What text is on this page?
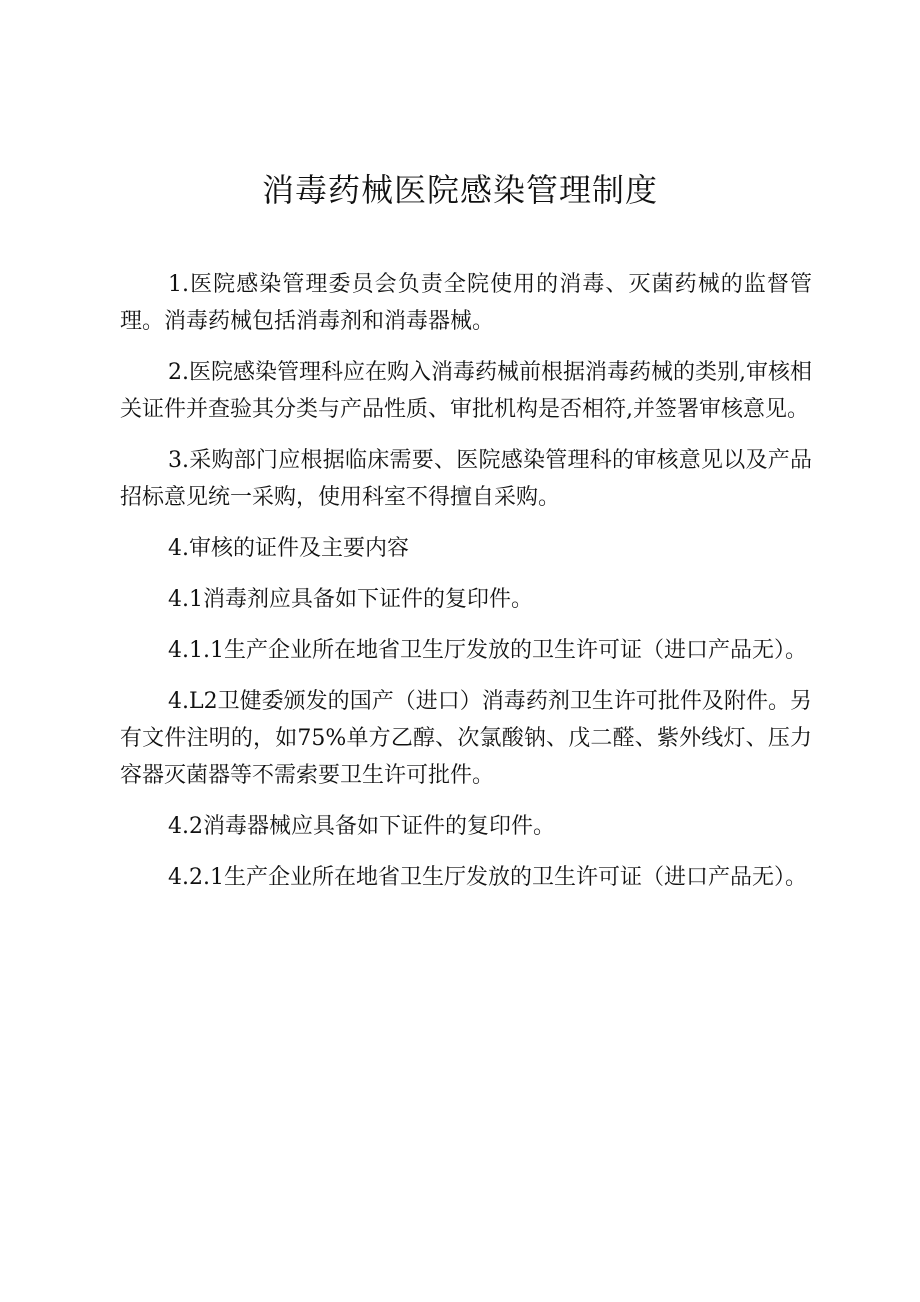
消毒药械医院感染管理制度

1.医院感染管理委员会负责全院使用的消毒、灭菌药械的监督管理。消毒药械包括消毒剂和消毒器械。

2.医院感染管理科应在购入消毒药械前根据消毒药械的类别,审核相关证件并查验其分类与产品性质、审批机构是否相符,并签署审核意见。

3.采购部门应根据临床需要、医院感染管理科的审核意见以及产品招标意见统一采购，使用科室不得擅自采购。

4.审核的证件及主要内容

4.1消毒剂应具备如下证件的复印件。

4.1.1生产企业所在地省卫生厅发放的卫生许可证（进口产品无）。

4.L2卫健委颁发的国产（进口）消毒药剂卫生许可批件及附件。另有文件注明的，如75%单方乙醇、次氯酸钠、戊二醛、紫外线灯、压力容器灭菌器等不需索要卫生许可批件。

4.2消毒器械应具备如下证件的复印件。

4.2.1生产企业所在地省卫生厅发放的卫生许可证（进口产品无）。
